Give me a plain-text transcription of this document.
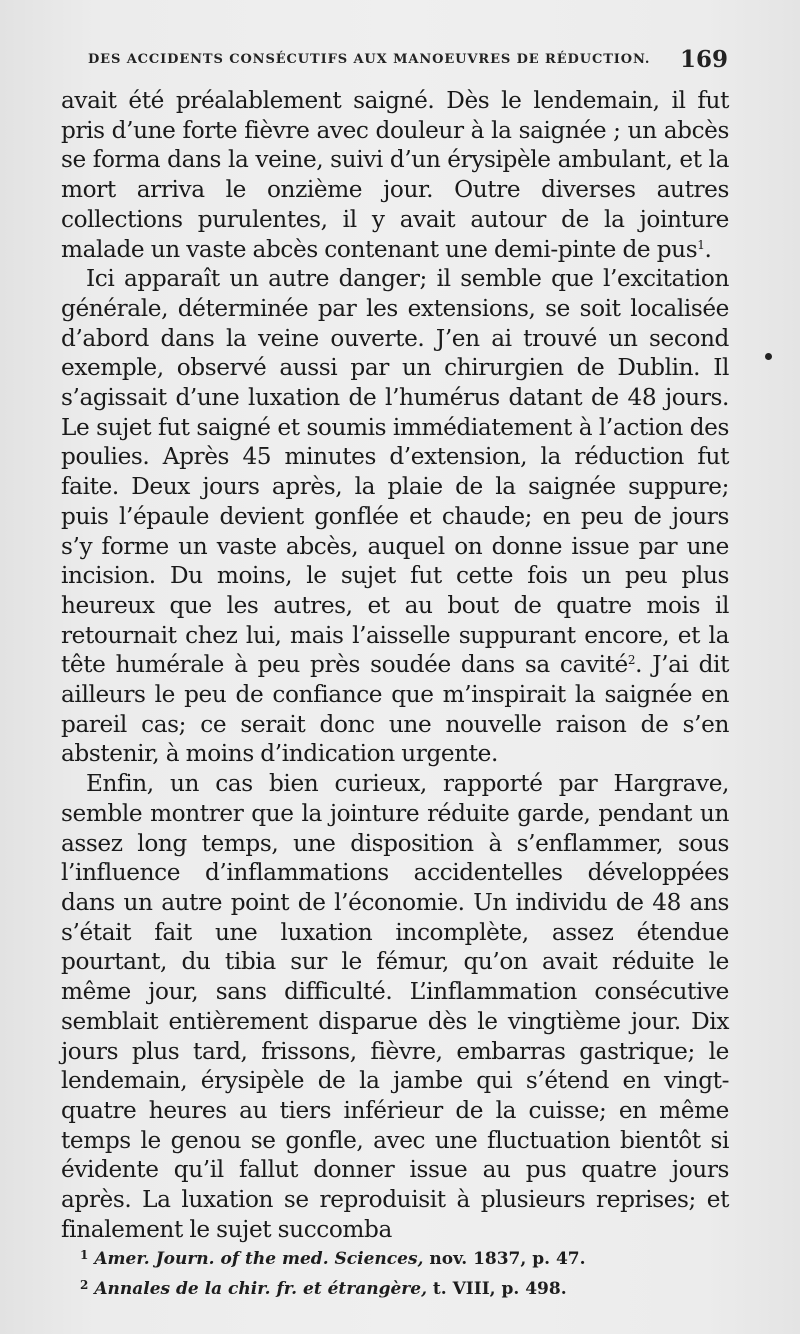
DES ACCIDENTS CONSÉCUTIFS AUX MANOEUVRES DE RÉDUCTION. 169

avait été préalablement saigné. Dès le lendemain, il fut pris d’une forte fièvre avec douleur à la saignée ; un abcès se forma dans la veine, suivi d’un érysipèle ambulant, et la mort arriva le onzième jour. Outre diverses autres collections purulentes, il y avait autour de la jointure malade un vaste abcès contenant une demi-pinte de pus$^1$.

Ici apparaît un autre danger; il semble que l’excitation générale, déterminée par les extensions, se soit localisée d’abord dans la veine ouverte. J’en ai trouvé un second exemple, observé aussi par un chirurgien de Dublin. Il s’agissait d’une luxation de l’humérus datant de 48 jours. Le sujet fut saigné et soumis immédiatement à l’action des poulies. Après 45 minutes d’extension, la réduction fut faite. Deux jours après, la plaie de la saignée suppure; puis l’épaule devient gonflée et chaude; en peu de jours s’y forme un vaste abcès, auquel on donne issue par une incision. Du moins, le sujet fut cette fois un peu plus heureux que les autres, et au bout de quatre mois il retournait chez lui, mais l’aisselle suppurant encore, et la tête humérale à peu près soudée dans sa cavité$^2$. J’ai dit ailleurs le peu de confiance que m’inspirait la saignée en pareil cas; ce serait donc une nouvelle raison de s’en abstenir, à moins d’indication urgente.

Enfin, un cas bien curieux, rapporté par Hargrave, semble montrer que la jointure réduite garde, pendant un assez long temps, une disposition à s’enflammer, sous l’influence d’inflammations accidentelles développées dans un autre point de l’économie. Un individu de 48 ans s’était fait une luxation incomplète, assez étendue pourtant, du tibia sur le fémur, qu’on avait réduite le même jour, sans difficulté. L’inflammation consécutive semblait entièrement disparue dès le vingtième jour. Dix jours plus tard, frissons, fièvre, embarras gastrique; le lendemain, érysipèle de la jambe qui s’étend en vingt-quatre heures au tiers inférieur de la cuisse; en même temps le genou se gonfle, avec une fluctuation bientôt si évidente qu’il fallut donner issue au pus quatre jours après. La luxation se reproduisit à plusieurs reprises; et finalement le sujet succomba

$^1$ Amer. Journ. of the med. Sciences, nov. 1837, p. 47.
$^2$ Annales de la chir. fr. et étrangère, t. VIII, p. 498.
